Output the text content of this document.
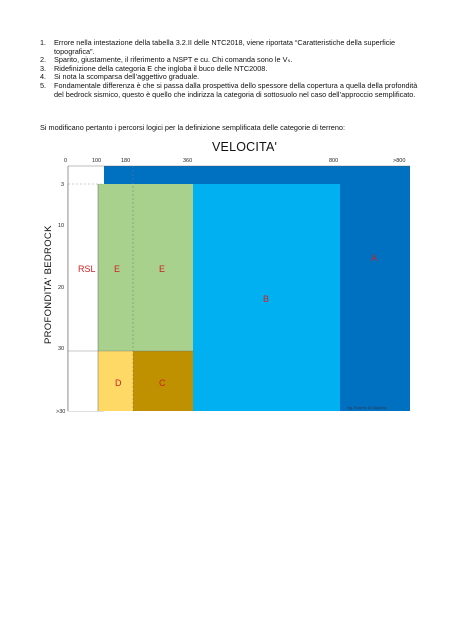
1. Errore nella intestazione della tabella 3.2.II delle NTC2018, viene riportata “Caratteristiche della superficie topografica”.
2. Sparito, giustamente, il riferimento a NSPT e cu. Chi comanda sono le Vₛ.
3. Ridefinizione della categoria E che ingloba il buco delle NTC2008.
4. Si nota la scomparsa dell’aggettivo graduale.
5. Fondamentale differenza è che si passa dalla prospettiva dello spessore della copertura a quella della profondità del bedrock sismico, questo è quello che indirizza la categoria di sottosuolo nel caso dell’approccio semplificato.

Si modificano pertanto i percorsi logici per la definizione semplificata delle categorie di terreno:

VELOCITA'
PROFONDITA' BEDROCK
0	100	180	360	800	>800
3
10
20
30
>30
RSL E	E
D	C
B
A
Ing. Roberto Di Giacomo
